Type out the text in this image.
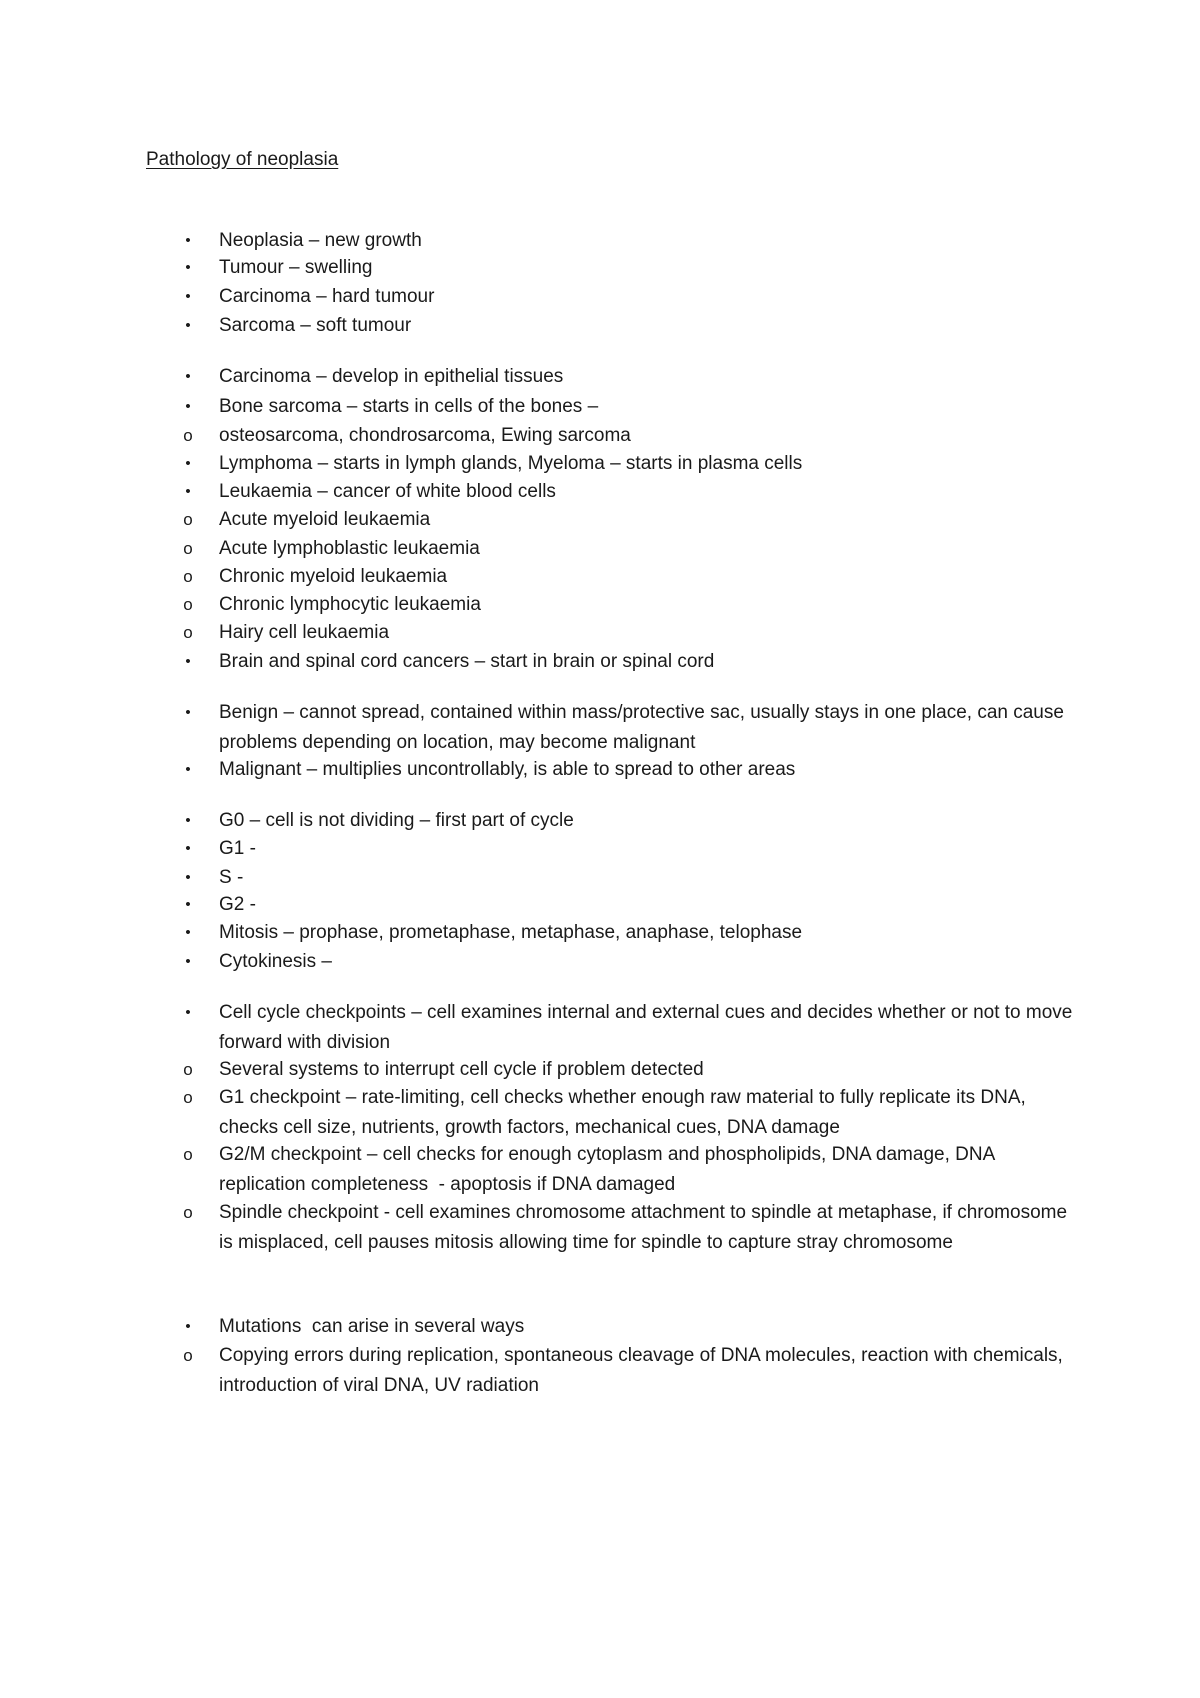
Pathology of neoplasia
•	Neoplasia – new growth
•	Tumour – swelling
•	Carcinoma – hard tumour
•	Sarcoma – soft tumour
•	Carcinoma – develop in epithelial tissues
•	Bone sarcoma – starts in cells of the bones –
o osteosarcoma, chondrosarcoma, Ewing sarcoma
•	Lymphoma – starts in lymph glands, Myeloma – starts in plasma cells
•	Leukaemia – cancer of white blood cells
o Acute myeloid leukaemia
o Acute lymphoblastic leukaemia
o Chronic myeloid leukaemia
o Chronic lymphocytic leukaemia
o Hairy cell leukaemia
•	Brain and spinal cord cancers – start in brain or spinal cord
•	Benign – cannot spread, contained within mass/protective sac, usually stays in one place, can cause problems depending on location, may become malignant
•	Malignant – multiplies uncontrollably, is able to spread to other areas
•	G0 – cell is not dividing – first part of cycle
•	G1 -
•	S -
•	G2 -
•	Mitosis – prophase, prometaphase, metaphase, anaphase, telophase
•	Cytokinesis –
•	Cell cycle checkpoints – cell examines internal and external cues and decides whether or not to move forward with division
o Several systems to interrupt cell cycle if problem detected
o G1 checkpoint – rate-limiting, cell checks whether enough raw material to fully replicate its DNA, checks cell size, nutrients, growth factors, mechanical cues, DNA damage
o G2/M checkpoint – cell checks for enough cytoplasm and phospholipids, DNA damage, DNA replication completeness  - apoptosis if DNA damaged
o Spindle checkpoint - cell examines chromosome attachment to spindle at metaphase, if chromosome is misplaced, cell pauses mitosis allowing time for spindle to capture stray chromosome
•	Mutations  can arise in several ways
o Copying errors during replication, spontaneous cleavage of DNA molecules, reaction with chemicals, introduction of viral DNA, UV radiation
